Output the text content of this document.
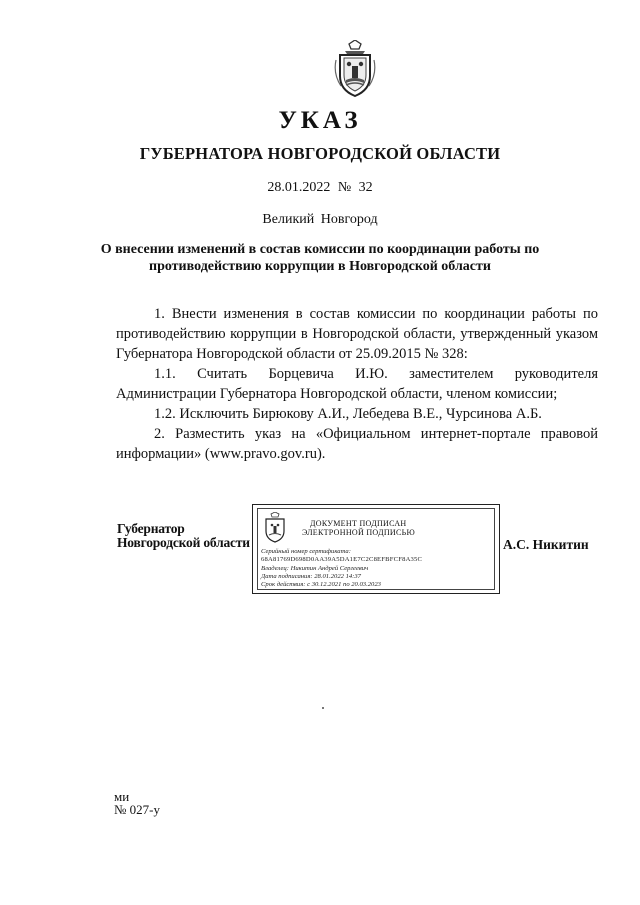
УКАЗ
ГУБЕРНАТОРА НОВГОРОДСКОЙ ОБЛАСТИ
28.01.2022 № 32
Великий Новгород
О внесении изменений в состав комиссии по координации работы по
противодействию коррупции в Новгородской области

1. Внести изменения в состав комиссии по координации работы по противодействию коррупции в Новгородской области, утвержденный указом Губернатора Новгородской области от 25.09.2015 № 328:

1.1. Считать Борцевича И.Ю. заместителем руководителя Администрации Губернатора Новгородской области, членом комиссии;

1.2. Исключить Бирюкову А.И., Лебедева В.Е., Чурсинова А.Б.

2. Разместить указ на «Официальном интернет-портале правовой информации» (www.pravo.gov.ru).

Губернатор
Новгородской области	А.С. Никитин
ДОКУМЕНТ ПОДПИСАН
ЭЛЕКТРОННОЙ ПОДПИСЬЮ
Серийный номер сертификата:
68A81769D698D0AA39A5DA1E7C2C8EFBFCF8A35C
Владелец: Никитин Андрей Сергеевич
Дата подписания: 28.01.2022 14:37
Срок действия: с 30.12.2021 по 20.03.2023
ми
№ 027-у
